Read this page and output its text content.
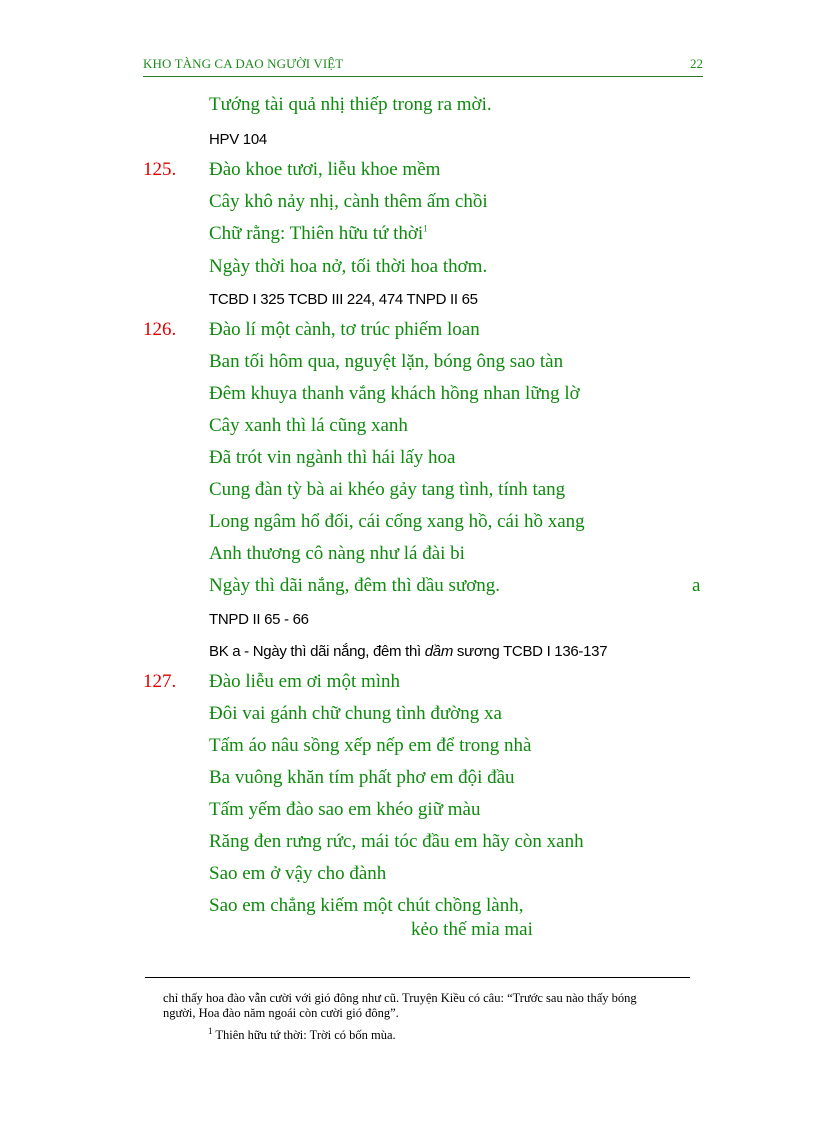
KHO TÀNG CA DAO NGƯỜI VIỆT	22
Tướng tài quả nhị thiếp trong ra mời.
HPV 104
125. Đào khoe tươi, liễu khoe mềm
Cây khô nảy nhị, cành thêm ấm chồi
Chữ rằng: Thiên hữu tứ thời$^1$
Ngày thời hoa nở, tối thời hoa thơm.
TCBD I 325 TCBD III 224, 474 TNPD II 65
126. Đào lí một cành, tơ trúc phiếm loan
Ban tối hôm qua, nguyệt lặn, bóng ông sao tàn
Đêm khuya thanh vắng khách hồng nhan lững lờ
Cây xanh thì lá cũng xanh
Đã trót vin ngành thì hái lấy hoa
Cung đàn tỳ bà ai khéo gảy tang tình, tính tang
Long ngâm hổ đối, cái cống xang hồ, cái hồ xang
Anh thương cô nàng như lá đài bi
Ngày thì dãi nắng, đêm thì dầu sương.	a
TNPD II 65 - 66
BK a - Ngày thì dãi nắng, đêm thì dầm sương TCBD I 136-137
127. Đào liễu em ơi một mình
Đôi vai gánh chữ chung tình đường xa
Tấm áo nâu sồng xếp nếp em để trong nhà
Ba vuông khăn tím phất phơ em đội đầu
Tấm yếm đào sao em khéo giữ màu
Răng đen rưng rức, mái tóc đầu em hãy còn xanh
Sao em ở vậy cho đành
Sao em chẳng kiếm một chút chồng lành,
kẻo thế mỉa mai
chỉ thấy hoa đào vẫn cười với gió đông như cũ. Truyện Kiều có câu: “Trước sau nào thấy bóng
người, Hoa đào năm ngoái còn cười gió đông”.
$^1$ Thiên hữu tứ thời: Trời có bốn mùa.
